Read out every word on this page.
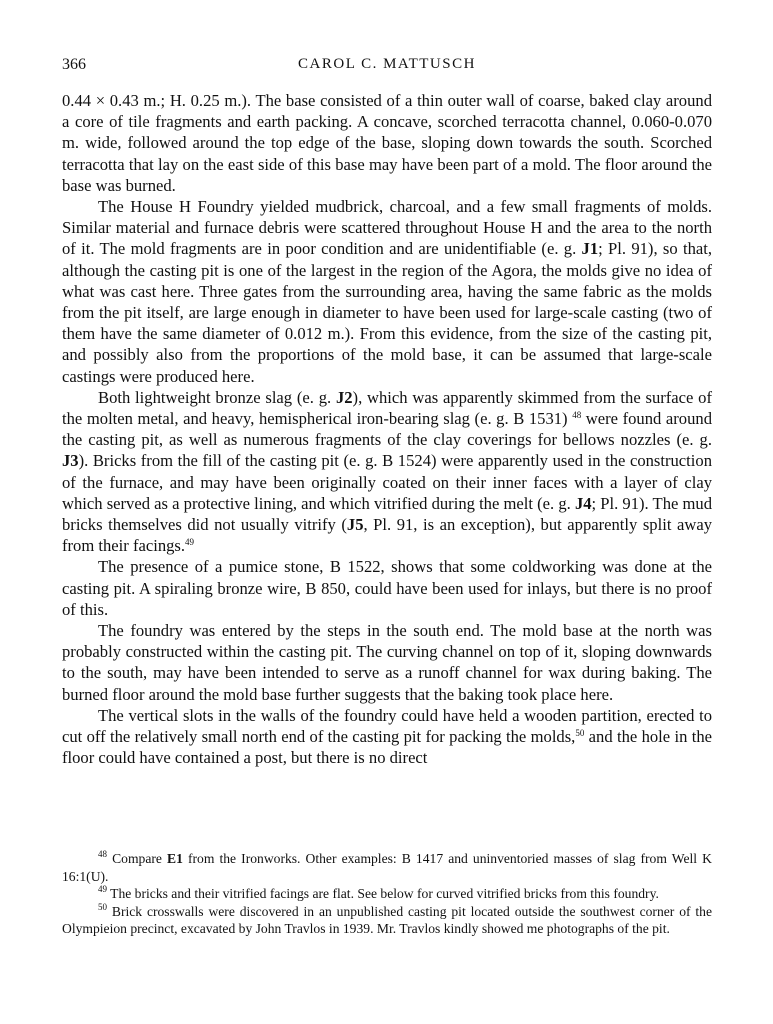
366	CAROL C. MATTUSCH

0.44 × 0.43 m.; H. 0.25 m.). The base consisted of a thin outer wall of coarse, baked clay around a core of tile fragments and earth packing. A concave, scorched terracotta channel, 0.060-0.070 m. wide, followed around the top edge of the base, sloping down towards the south. Scorched terracotta that lay on the east side of this base may have been part of a mold. The floor around the base was burned.

The House H Foundry yielded mudbrick, charcoal, and a few small fragments of molds. Similar material and furnace debris were scattered throughout House H and the area to the north of it. The mold fragments are in poor condition and are unidentifiable (e. g. J1; Pl. 91), so that, although the casting pit is one of the largest in the region of the Agora, the molds give no idea of what was cast here. Three gates from the surrounding area, having the same fabric as the molds from the pit itself, are large enough in diameter to have been used for large-scale casting (two of them have the same diameter of 0.012 m.). From this evidence, from the size of the casting pit, and possibly also from the proportions of the mold base, it can be assumed that large-scale castings were produced here.

Both lightweight bronze slag (e. g. J2), which was apparently skimmed from the surface of the molten metal, and heavy, hemispherical iron-bearing slag (e. g. B 1531) $^{48}$ were found around the casting pit, as well as numerous fragments of the clay coverings for bellows nozzles (e. g. J3). Bricks from the fill of the casting pit (e. g. B 1524) were apparently used in the construction of the furnace, and may have been originally coated on their inner faces with a layer of clay which served as a protective lining, and which vitrified during the melt (e. g. J4; Pl. 91). The mud bricks themselves did not usually vitrify (J5, Pl. 91, is an exception), but apparently split away from their facings.$^{49}$

The presence of a pumice stone, B 1522, shows that some coldworking was done at the casting pit. A spiraling bronze wire, B 850, could have been used for inlays, but there is no proof of this.

The foundry was entered by the steps in the south end. The mold base at the north was probably constructed within the casting pit. The curving channel on top of it, sloping downwards to the south, may have been intended to serve as a runoff channel for wax during baking. The burned floor around the mold base further suggests that the baking took place here.

The vertical slots in the walls of the foundry could have held a wooden partition, erected to cut off the relatively small north end of the casting pit for packing the molds,$^{50}$ and the hole in the floor could have contained a post, but there is no direct

$^{48}$ Compare E1 from the Ironworks. Other examples: B 1417 and uninventoried masses of slag from Well K 16:1(U).

$^{49}$ The bricks and their vitrified facings are flat. See below for curved vitrified bricks from this foundry.

$^{50}$ Brick crosswalls were discovered in an unpublished casting pit located outside the southwest corner of the Olympieion precinct, excavated by John Travlos in 1939. Mr. Travlos kindly showed me photographs of the pit.
